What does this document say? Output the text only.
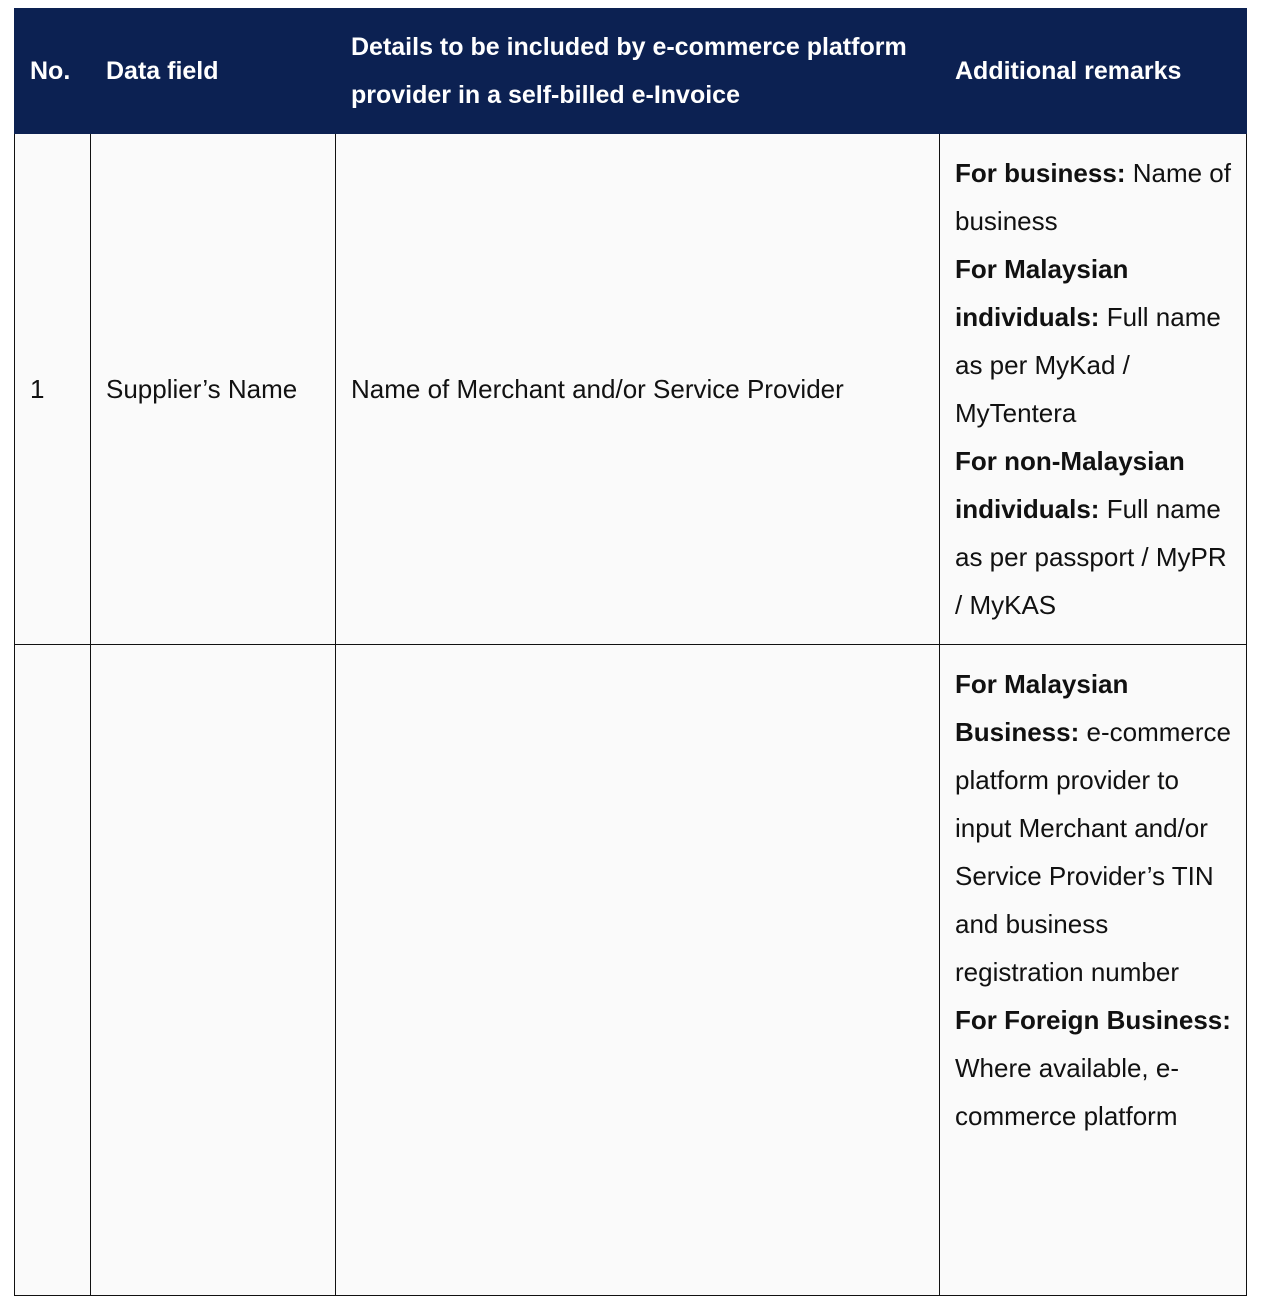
No.	Data field	Details to be included by e-commerce platform provider in a self-billed e-Invoice	Additional remarks
1	Supplier’s Name	Name of Merchant and/or Service Provider	For business: Name of business
For Malaysian individuals: Full name as per MyKad / MyTentera
For non-Malaysian individuals: Full name as per passport / MyPR / MyKAS

			For Malaysian Business: e-commerce platform provider to input Merchant and/or Service Provider’s TIN and business registration number
For Foreign Business: Where available, e-commerce platform
